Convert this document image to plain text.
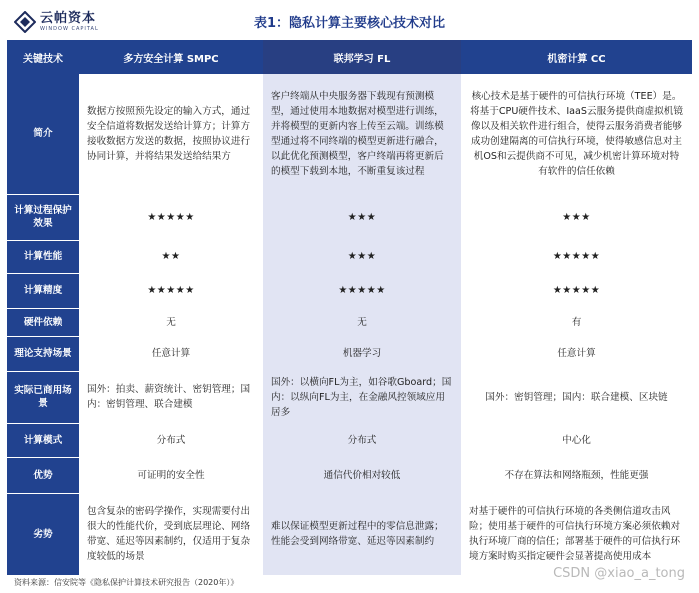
云帕资本
WINDOW CAPITAL	表1：隐私计算主要核心技术对比
关键技术	多方安全计算 SMPC	联邦学习 FL	机密计算 CC
简介	数据方按照预先设定的输入方式，通过安全信道将数据发送给计算方；计算方接收数据方发送的数据，按照协议进行协同计算，并将结果发送给结果方	客户终端从中央服务器下载现有预测模型，通过使用本地数据对模型进行训练，并将模型的更新内容上传至云端。训练模型通过将不同终端的模型更新进行融合，以此优化预测模型，客户终端再将更新后的模型下载到本地，不断重复该过程	核心技术是基于硬件的可信执行环境（TEE）是。将基于CPU硬件技术、IaaS云服务提供商虚拟机镜像以及相关软件进行组合，使得云服务消费者能够成功创建隔离的可信执行环境，使得敏感信息对主机OS和云提供商不可见，减少机密计算环境对特有软件的信任依赖
计算过程保护效果	★★★★★	★★★	★★★
计算性能	★★	★★★	★★★★★
计算精度	★★★★★	★★★★★	★★★★★
硬件依赖	无	无	有
理论支持场景	任意计算	机器学习	任意计算
实际已商用场景	国外：拍卖、薪资统计、密钥管理；国内：密钥管理、联合建模	国外：以横向FL为主，如谷歌Gboard；国内：以纵向FL为主，在金融风控领域应用居多	国外：密钥管理；国内：联合建模、区块链
计算模式	分布式	分布式	中心化
优势	可证明的安全性	通信代价相对较低	不存在算法和网络瓶颈，性能更强
劣势	包含复杂的密码学操作，实现需要付出很大的性能代价，受到底层理论、网络带宽、延迟等因素制约，仅适用于复杂度较低的场景	难以保证模型更新过程中的零信息泄露；性能会受到网络带宽、延迟等因素制约	对基于硬件的可信执行环境的各类侧信道攻击风险；使用基于硬件的可信执行环境方案必须依赖对执行环境厂商的信任；部署基于硬件的可信执行环境方案时购买指定硬件会显著提高使用成本
资料来源：信安院等《隐私保护计算技术研究报告（2020年）》
CSDN @xiao_a_tong
